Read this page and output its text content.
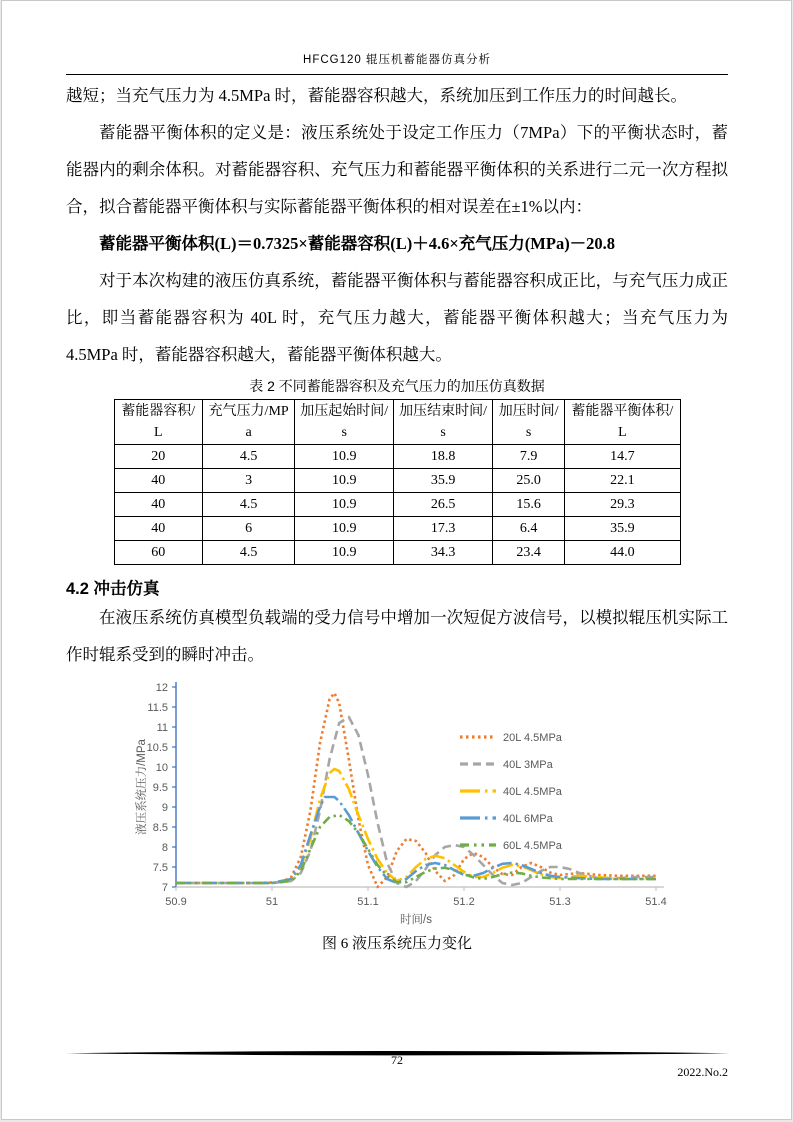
HFCG120 辊压机蓄能器仿真分析

越短；当充气压力为 4.5MPa 时，蓄能器容积越大，系统加压到工作压力的时间越长。

蓄能器平衡体积的定义是：液压系统处于设定工作压力（7MPa）下的平衡状态时，蓄能器内的剩余体积。对蓄能器容积、充气压力和蓄能器平衡体积的关系进行二元一次方程拟合，拟合蓄能器平衡体积与实际蓄能器平衡体积的相对误差在±1%以内：

蓄能器平衡体积(L)＝0.7325×蓄能器容积(L)＋4.6×充气压力(MPa)－20.8

对于本次构建的液压仿真系统，蓄能器平衡体积与蓄能器容积成正比，与充气压力成正比，即当蓄能器容积为 40L 时，充气压力越大，蓄能器平衡体积越大；当充气压力为 4.5MPa 时，蓄能器容积越大，蓄能器平衡体积越大。

表 2 不同蓄能器容积及充气压力的加压仿真数据
蓄能器容积/L	充气压力/MPa	加压起始时间/s	加压结束时间/s	加压时间/s	蓄能器平衡体积/L
20	4.5	10.9	18.8	7.9	14.7
40	3	10.9	35.9	25.0	22.1
40	4.5	10.9	26.5	15.6	29.3
40	6	10.9	17.3	6.4	35.9
60	4.5	10.9	34.3	23.4	44.0
4.2 冲击仿真

在液压系统仿真模型负载端的受力信号中增加一次短促方波信号，以模拟辊压机实际工作时辊系受到的瞬时冲击。

7
7.5
8
8.5
9
9.5
10
10.5
11
11.5
12
50.9	51	51.1	51.2	51.3	51.4
时间/s
液压系统压力/MPa
20L 4.5MPa
40L 3MPa
40L 4.5MPa
40L 6MPa
60L 4.5MPa
图 6 液压系统压力变化
72
2022.No.2
